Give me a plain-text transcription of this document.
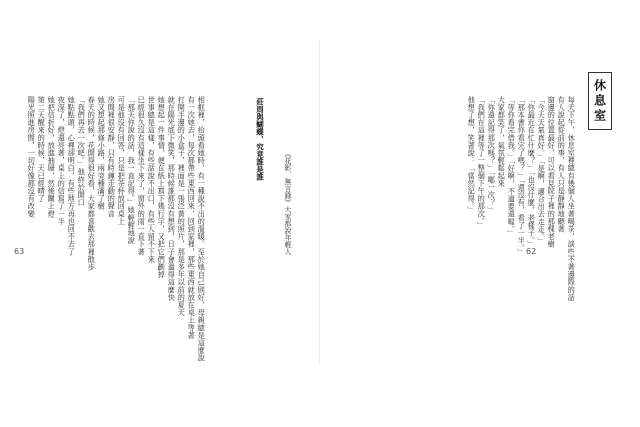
63	相框裡，抬頭看她時，有一種說不出的溫暖。至於她自己則好，母親總是這麼說
有一次她去，每次都帶些東西回來，回到家裡，那些東西就放在桌上等著
打開手邊的小盒子，裡面是一張泛黃的照片，那是多年以前的夏天
就在陽光底下微笑，那時候誰都沒有想到，日子會過得這麼快
她想起一件事情，便在紙上寫下幾行字，又把它們劃掉
世事總是這樣，有些話說不出口，有些人留不下來
已經很久沒有這樣坐下來了，窗外的雨一直下著
「那天你說的話，我一直記得。」她輕輕地說
可是他沒有回答，只是把茶杯放回桌上
房間裡很安靜，只有時鐘走動的聲音
她又想起那條小路，兩旁種滿了樹
春天的時候，花開得很好看，大家都喜歡去那裡散步
「我們再去一次吧。」他終於開口
她點點頭，心裡卻明白，有些地方再也回不去了
夜深了，燈還亮著，桌上的信寫了一半
她把信折好，放進抽屜，然後關上燈
第二天醒來的時候，天已經晴了
陽光照進房間，一切好像都沒有改變	莊周與蝴蝶，究竟誰是誰
《花影．無言錄》大家都說年輕人	62	每天下午，休息室裡總有幾個人坐著喝茶，談些不著邊際的話
有人說起從前的事，有人只是靜靜地聽著
窗邊的位置最好，可以看見院子裡的那棵老樹
「今天天氣真好。」「是啊，適合出去走走。」
「你最近在忙什麼？」「也沒什麼，老樣子。」
「那本書你看完了嗎？」「還沒有，看了一半。」
「等你看完借我。」「好啊，不過要還喔。」
大家都笑了，氣氛輕鬆起來
「你還記得那次嗎？」「哪一次？」
「我們在這裡等了一整個下午的那次。」
他想了想，笑著說：「當然記得。」	休息室
